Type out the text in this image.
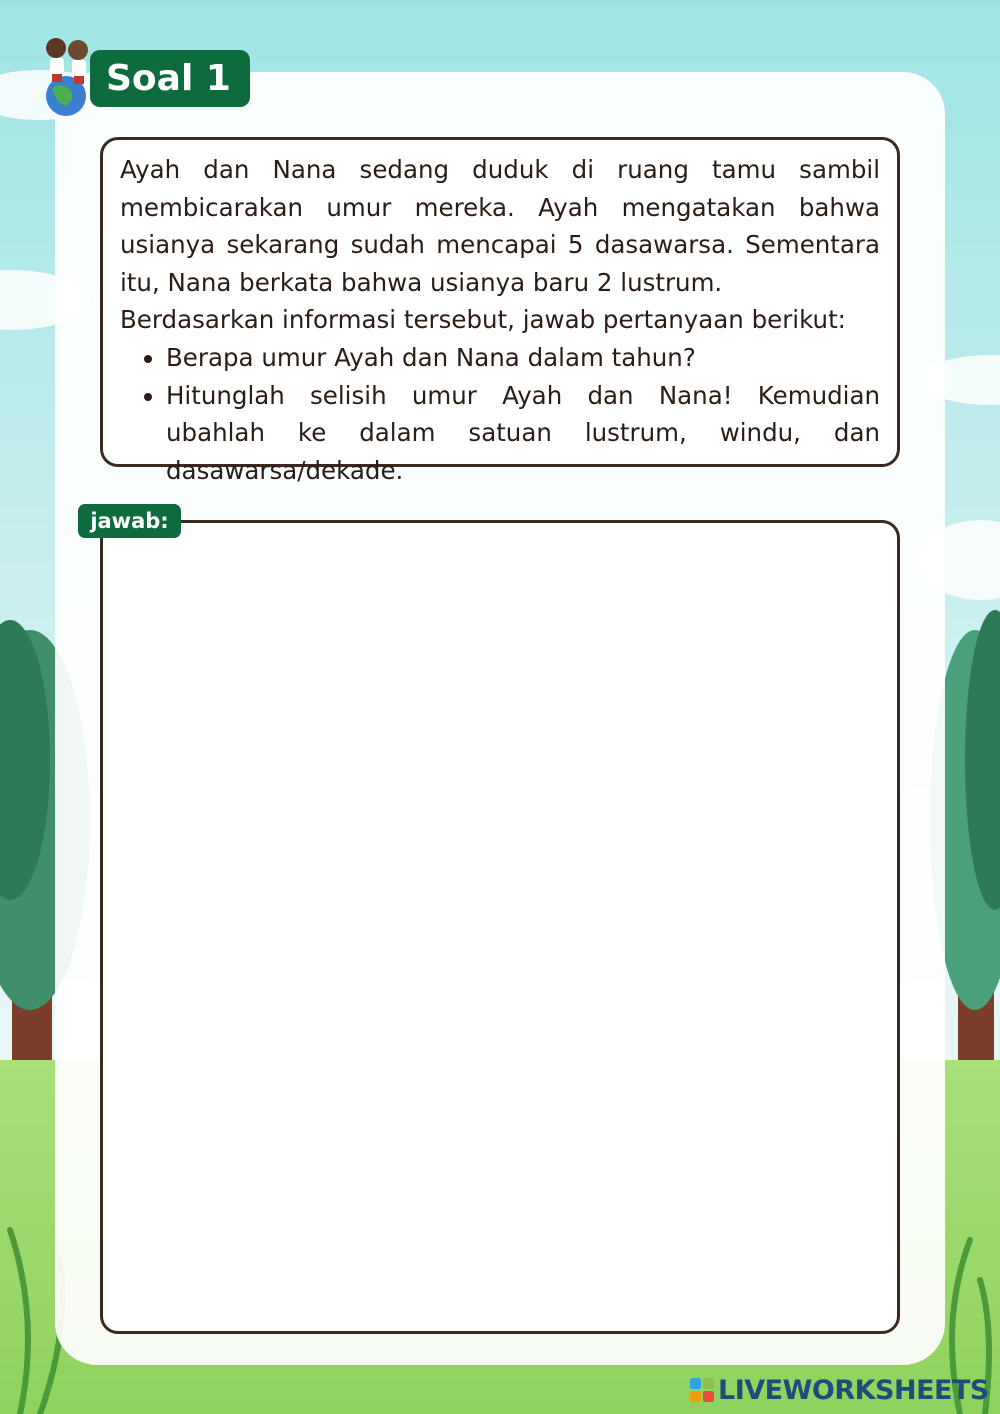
Soal 1

Ayah dan Nana sedang duduk di ruang tamu sambil membicarakan umur mereka. Ayah mengatakan bahwa usianya sekarang sudah mencapai 5 dasawarsa. Sementara itu, Nana berkata bahwa usianya baru 2 lustrum.

Berdasarkan informasi tersebut, jawab pertanyaan berikut:

• Berapa umur Ayah dan Nana dalam tahun?
• Hitunglah selisih umur Ayah dan Nana! Kemudian ubahlah ke dalam satuan lustrum, windu, dan dasawarsa/dekade.
jawab:
LIVEWORKSHEETS
